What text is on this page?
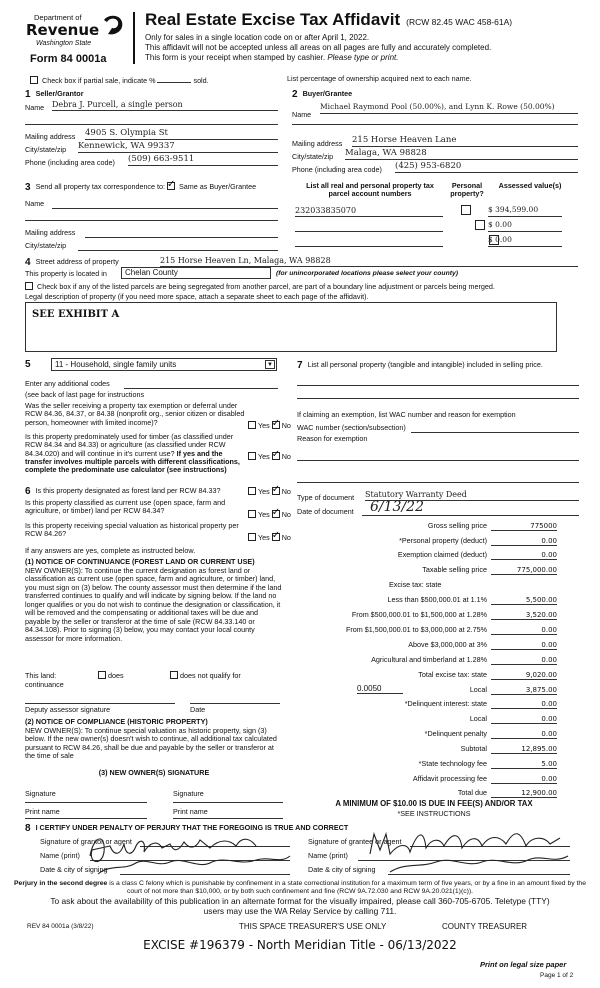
Department of
Revenue
Washington State
Form 84 0001a
Real Estate Excise Tax Affidavit (RCW 82.45 WAC 458-61A)
Only for sales in a single location code on or after April 1, 2022.
This affidavit will not be accepted unless all areas on all pages are fully and accurately completed.
This form is your receipt when stamped by cashier. Please type or print.
Check box if partial sale, indicate %	sold.	List percentage of ownership acquired next to each name.
1 Seller/Grantor
Name Debra J. Purcell, a single person
Mailing address 4905 S. Olympia St
City/state/zip Kennewick, WA 99337
Phone (including area code) (509) 663-9511
2 Buyer/Grantee
Name
Michael Raymond Pool (50.00%), and Lynn K. Rowe (50.00%)
Mailing address 215 Horse Heaven Lane
City/state/zip Malaga, WA 98828
Phone (including area code) (425) 953-6820
3 Send all property tax correspondence to: ✓ Same as Buyer/Grantee
Name
Mailing address
City/state/zip
List all real and personal property tax parcel account numbers
Personal property?
Assessed value(s)
232033835070
	$ 394,599.00

$ 0.00
$ 0.00
4 Street address of property	215 Horse Heaven Ln, Malaga, WA 98828
This property is located in	Chelan County	(for unincorporated locations please select your county)
Check box if any of the listed parcels are being segregated from another parcel, are part of a boundary line adjustment or parcels being merged.
Legal description of property (if you need more space, attach a separate sheet to each page of the affidavit).
SEE EXHIBIT A
5	11 - Household, single family units	▼
Enter any additional codes
(see back of last page for instructions
Was the seller receiving a property tax exemption or deferral under RCW 84.36, 84.37, or 84.38 (nonprofit org., senior citizen or disabled person, homeowner with limited income)?	Yes ✓ No
Is this property predominately used for timber (as classified under RCW 84.34 and 84.33) or agriculture (as classified under RCW 84.34.020) and will continue in it's current use? If yes and the transfer involves multiple parcels with different classifications, complete the predominate use calculator (see instructions)
Yes ✓ No
7 List all personal property (tangible and intangible) included in selling price.
If claiming an exemption, list WAC number and reason for exemption
WAC number (section/subsection)
Reason for exemption
6 Is this property designated as forest land per RCW 84.33?	Yes ✓ No
Is this property classified as current use (open space, farm and agriculture, or timber) land per RCW 84.34?	Yes ✓ No
Is this property receiving special valuation as historical property per RCW 84.26?	Yes ✓ No
If any answers are yes, complete as instructed below.
(1) NOTICE OF CONTINUANCE (FOREST LAND OR CURRENT USE)
NEW OWNER(S): To continue the current designation as forest land or classification as current use (open space, farm and agriculture, or timber) land, you must sign on (3) below. The county assessor must then determine if the land transferred continues to qualify and will indicate by signing below. If the land no longer qualifies or you do not wish to continue the designation or classification, it will be removed and the compensating or additional taxes will be due and payable by the seller or transferor at the time of sale (RCW 84.33.140 or 84.34.108). Prior to signing (3) below, you may contact your local county assessor for more information.
This land:	does	does not qualify for
continuance
Deputy assessor signature	Date
(2) NOTICE OF COMPLIANCE (HISTORIC PROPERTY)
NEW OWNER(S): To continue special valuation as historic property, sign (3) below. If the new owner(s) doesn't wish to continue, all additional tax calculated pursuant to RCW 84.26, shall be due and payable by the seller or transferor at the time of sale
(3) NEW OWNER(S) SIGNATURE
Signature	Signature
Print name	Print name
Type of document Statutory Warranty Deed
Date of document	6/13/22
Gross selling price	775000
*Personal property (deduct)	0.00
Exemption claimed (deduct)	0.00
Taxable selling price	775,000.00
Excise tax: state
Less than $500,000.01 at 1.1%	5,500.00
From $500,000.01 to $1,500,000 at 1.28%	3,520.00
From $1,500,000.01 to $3,000,000 at 2.75%	0.00
Above $3,000,000 at 3%	0.00
Agricultural and timberland at 1.28%	0.00
Total excise tax: state	9,020.00
0.0050	Local	3,875.00
*Delinquent interest: state	0.00
Local	0.00
*Delinquent penalty	0.00
Subtotal	12,895.00
*State technology fee	5.00
Affidavit processing fee	0.00
Total due	12,900.00
A MINIMUM OF $10.00 IS DUE IN FEE(S) AND/OR TAX
*SEE INSTRUCTIONS
8 I CERTIFY UNDER PENALTY OF PERJURY THAT THE FOREGOING IS TRUE AND CORRECT
Signature of grantor or agent
Name (print)
Date & city of signing
Signature of grantee or agent
Name (print)
Date & city of signing
Perjury in the second degree is a class C felony which is punishable by confinement in a state correctional institution for a maximum term of five years, or by a fine in an amount fixed by the court of not more than $10,000, or by both such confinement and fine (RCW 9A.72.030 and RCW 9A.20.021(1)(c)).
To ask about the availability of this publication in an alternate format for the visually impaired, please call 360-705-6705. Teletype (TTY) users may use the WA Relay Service by calling 711.
REV 84 0001a (3/8/22)	THIS SPACE TREASURER'S USE ONLY	COUNTY TREASURER
EXCISE #196379 - North Meridian Title - 06/13/2022
Print on legal size paper
Page 1 of 2
